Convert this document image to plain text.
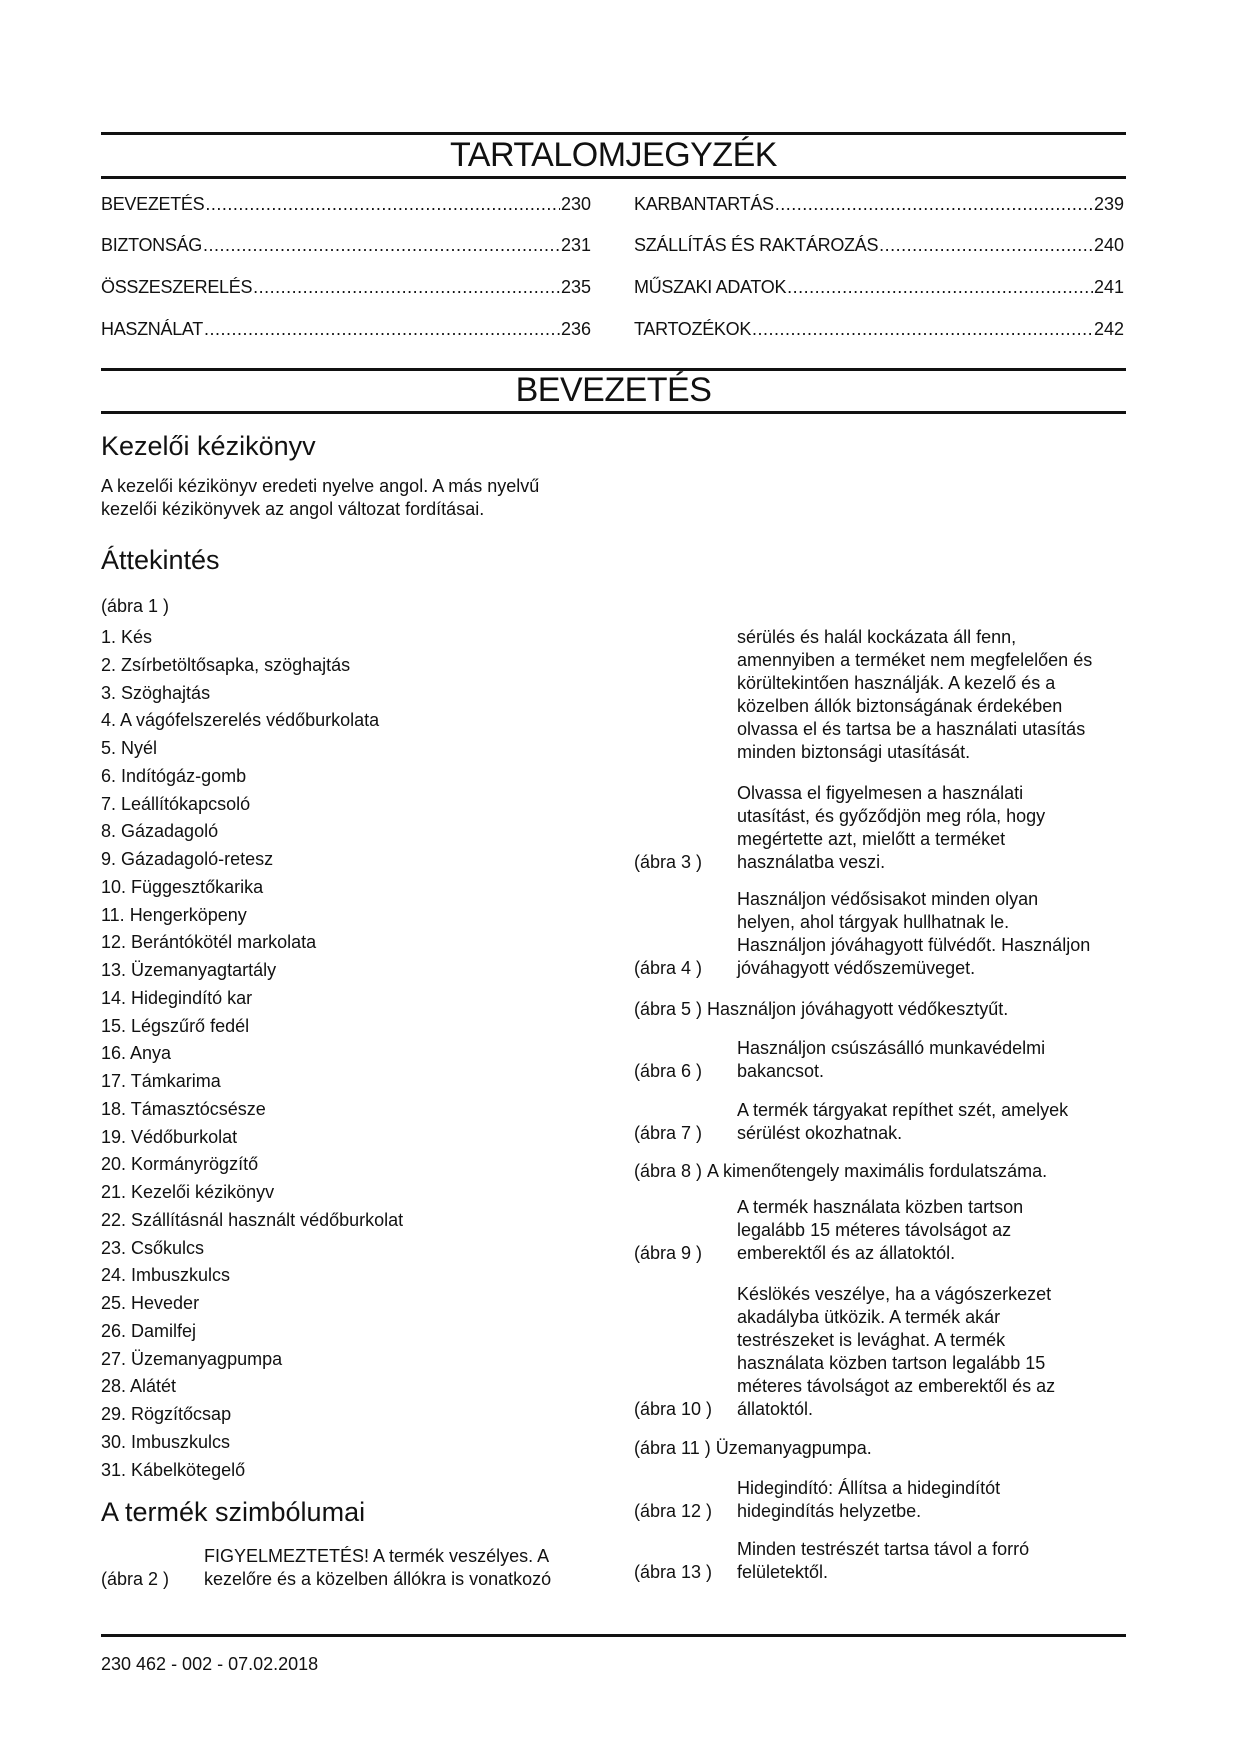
TARTALOMJEGYZÉK
BEVEZETÉS .....	230
BIZTONSÁG .....	231
ÖSSZESZERELÉS .....	235
HASZNÁLAT .....	236
KARBANTARTÁS .....	239
SZÁLLÍTÁS ÉS RAKTÁROZÁS .....	240
MŰSZAKI ADATOK .....	241
TARTOZÉKOK .....	242
BEVEZETÉS
Kezelői kézikönyv
A kezelői kézikönyv eredeti nyelve angol. A más nyelvű
kezelői kézikönyvek az angol változat fordításai.
Áttekintés
(ábra 1 )
1. Kés
2. Zsírbetöltősapka, szöghajtás
3. Szöghajtás
4. A vágófelszerelés védőburkolata
5. Nyél
6. Indítógáz-gomb
7. Leállítókapcsoló
8. Gázadagoló
9. Gázadagoló-retesz
10. Függesztőkarika
11. Hengerköpeny
12. Berántókötél markolata
13. Üzemanyagtartály
14. Hidegindító kar
15. Légszűrő fedél
16. Anya
17. Támkarima
18. Támasztócsésze
19. Védőburkolat
20. Kormányrögzítő
21. Kezelői kézikönyv
22. Szállításnál használt védőburkolat
23. Csőkulcs
24. Imbuszkulcs
25. Heveder
26. Damilfej
27. Üzemanyagpumpa
28. Alátét
29. Rögzítőcsap
30. Imbuszkulcs
31. Kábelkötegelő
A termék szimbólumai
(ábra 2 )
FIGYELMEZTETÉS! A termék veszélyes. A
kezelőre és a közelben állókra is vonatkozó
sérülés és halál kockázata áll fenn,
amennyiben a terméket nem megfelelően és
körültekintően használják. A kezelő és a
közelben állók biztonságának érdekében
olvassa el és tartsa be a használati utasítás
minden biztonsági utasítását.
(ábra 3 )
Olvassa el figyelmesen a használati
utasítást, és győződjön meg róla, hogy
megértette azt, mielőtt a terméket
használatba veszi.
(ábra 4 )
Használjon védősisakot minden olyan
helyen, ahol tárgyak hullhatnak le.
Használjon jóváhagyott fülvédőt. Használjon
jóváhagyott védőszemüveget.
(ábra 5 ) Használjon jóváhagyott védőkesztyűt.
(ábra 6 )
Használjon csúszásálló munkavédelmi
bakancsot.
(ábra 7 )
A termék tárgyakat repíthet szét, amelyek
sérülést okozhatnak.
(ábra 8 ) A kimenőtengely maximális fordulatszáma.
(ábra 9 )
A termék használata közben tartson
legalább 15 méteres távolságot az
emberektől és az állatoktól.
(ábra 10 )
Késlökés veszélye, ha a vágószerkezet
akadályba ütközik. A termék akár
testrészeket is levághat. A termék
használata közben tartson legalább 15
méteres távolságot az emberektől és az
állatoktól.
(ábra 11 ) Üzemanyagpumpa.
(ábra 12 )
Hidegindító: Állítsa a hidegindítót
hidegindítás helyzetbe.
(ábra 13 )
Minden testrészét tartsa távol a forró
felületektől.
230 462 - 002 - 07.02.2018
